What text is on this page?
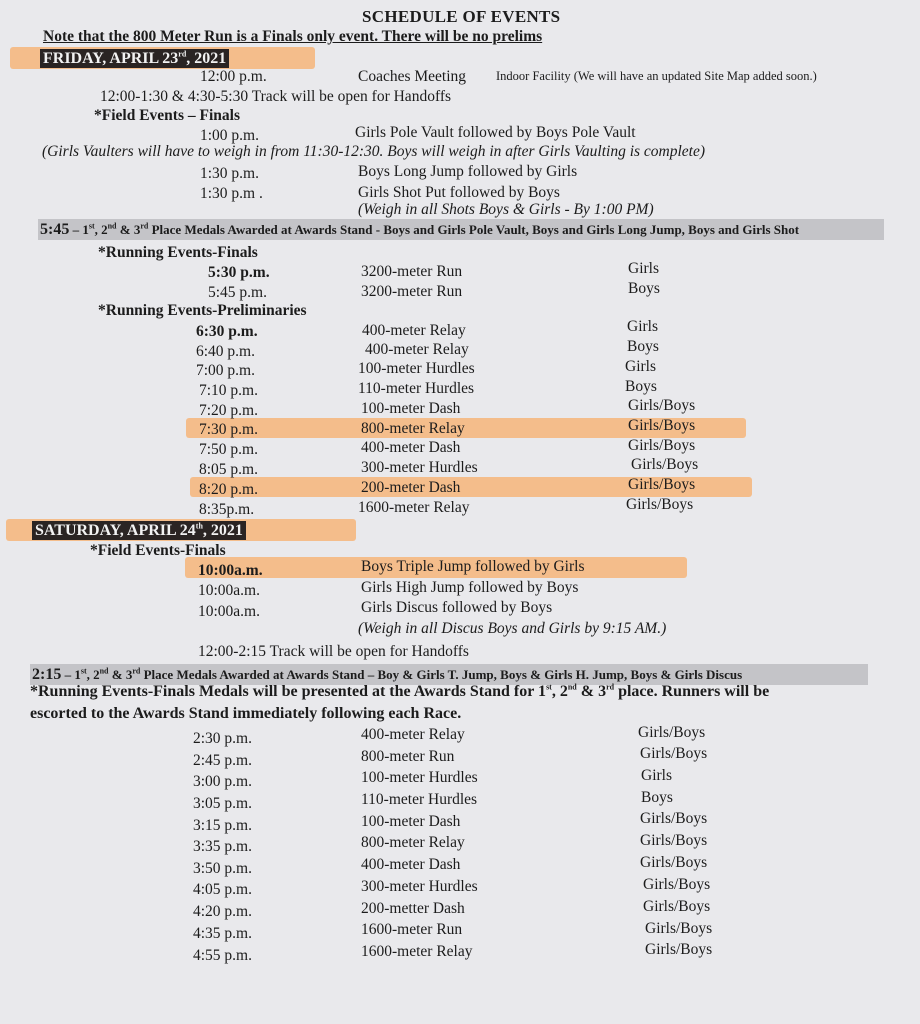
SCHEDULE OF EVENTS
Note that the 800 Meter Run is a Finals only event. There will be no prelims
FRIDAY, APRIL 23rd, 2021
12:00 p.m.	Coaches Meeting Indoor Facility (We will have an updated Site Map added soon.)
12:00-1:30 & 4:30-5:30 Track will be open for Handoffs
*Field Events – Finals
1:00 p.m.	Girls Pole Vault followed by Boys Pole Vault
(Girls Vaulters will have to weigh in from 11:30-12:30. Boys will weigh in after Girls Vaulting is complete)
1:30 p.m.	Boys Long Jump followed by Girls
1:30 p.m .	Girls Shot Put followed by Boys
(Weigh in all Shots Boys & Girls - By 1:00 PM)
5:45 – 1st, 2nd & 3rd Place Medals Awarded at Awards Stand - Boys and Girls Pole Vault, Boys and Girls Long Jump, Boys and Girls Shot
*Running Events-Finals
5:30 p.m.	3200-meter Run	Girls
5:45 p.m.	3200-meter Run	Boys
*Running Events-Preliminaries
6:30 p.m.	400-meter Relay	Girls
6:40 p.m.	400-meter Relay	Boys
7:00 p.m.	100-meter Hurdles	Girls
7:10 p.m.	110-meter Hurdles	Boys
7:20 p.m.	100-meter Dash	Girls/Boys
7:30 p.m.	800-meter Relay	Girls/Boys
7:50 p.m.	400-meter Dash	Girls/Boys
8:05 p.m.	300-meter Hurdles	Girls/Boys
8:20 p.m.	200-meter Dash	Girls/Boys
8:35p.m.	1600-meter Relay	Girls/Boys
SATURDAY, APRIL 24th, 2021
*Field Events-Finals
10:00a.m.	Boys Triple Jump followed by Girls
10:00a.m.	Girls High Jump followed by Boys
10:00a.m.	Girls Discus followed by Boys
(Weigh in all Discus Boys and Girls by 9:15 AM.)
12:00-2:15 Track will be open for Handoffs
2:15 – 1st, 2nd & 3rd Place Medals Awarded at Awards Stand – Boy & Girls T. Jump, Boys & Girls H. Jump, Boys & Girls Discus
*Running Events-Finals Medals will be presented at the Awards Stand for 1st, 2nd & 3rd place. Runners will be
escorted to the Awards Stand immediately following each Race.
2:30 p.m.	400-meter Relay	Girls/Boys
2:45 p.m.	800-meter Run	Girls/Boys
3:00 p.m.	100-meter Hurdles	Girls
3:05 p.m.	110-meter Hurdles	Boys
3:15 p.m.	100-meter Dash	Girls/Boys
3:35 p.m.	800-meter Relay	Girls/Boys
3:50 p.m.	400-meter Dash	Girls/Boys
4:05 p.m.	300-meter Hurdles	Girls/Boys
4:20 p.m.	200-metter Dash	Girls/Boys
4:35 p.m.	1600-meter Run	Girls/Boys
4:55 p.m.	1600-meter Relay	Girls/Boys
